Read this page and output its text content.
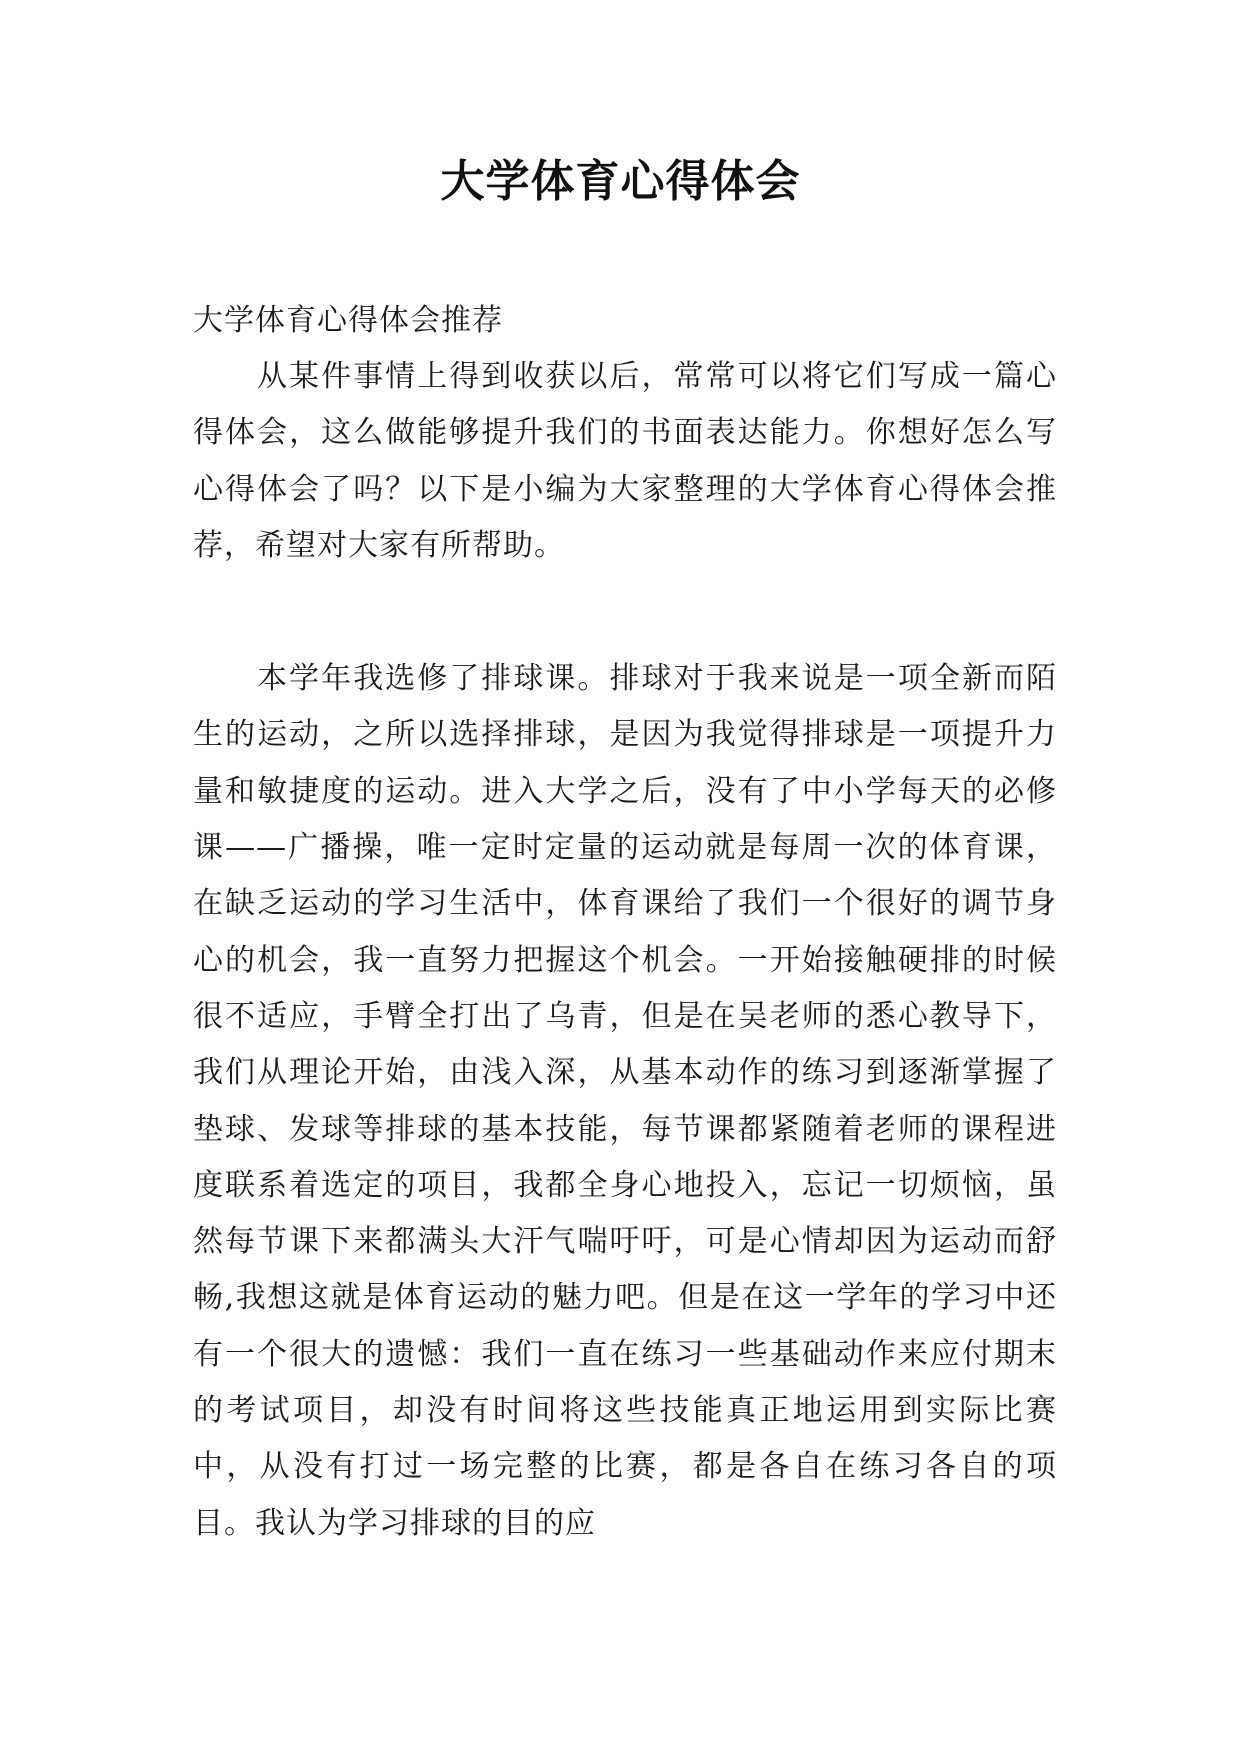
大学体育心得体会

大学体育心得体会推荐

从某件事情上得到收获以后，常常可以将它们写成一篇心得体会，这么做能够提升我们的书面表达能力。你想好怎么写心得体会了吗？以下是小编为大家整理的大学体育心得体会推荐，希望对大家有所帮助。

本学年我选修了排球课。排球对于我来说是一项全新而陌生的运动，之所以选择排球，是因为我觉得排球是一项提升力量和敏捷度的运动。进入大学之后，没有了中小学每天的必修课——广播操，唯一定时定量的运动就是每周一次的体育课，在缺乏运动的学习生活中，体育课给了我们一个很好的调节身心的机会，我一直努力把握这个机会。一开始接触硬排的时候很不适应，手臂全打出了乌青，但是在吴老师的悉心教导下，我们从理论开始，由浅入深，从基本动作的练习到逐渐掌握了垫球、发球等排球的基本技能，每节课都紧随着老师的课程进度联系着选定的项目，我都全身心地投入，忘记一切烦恼，虽然每节课下来都满头大汗气喘吁吁，可是心情却因为运动而舒畅,我想这就是体育运动的魅力吧。但是在这一学年的学习中还有一个很大的遗憾：我们一直在练习一些基础动作来应付期末的考试项目，却没有时间将这些技能真正地运用到实际比赛中，从没有打过一场完整的比赛，都是各自在练习各自的项目。我认为学习排球的目的应
